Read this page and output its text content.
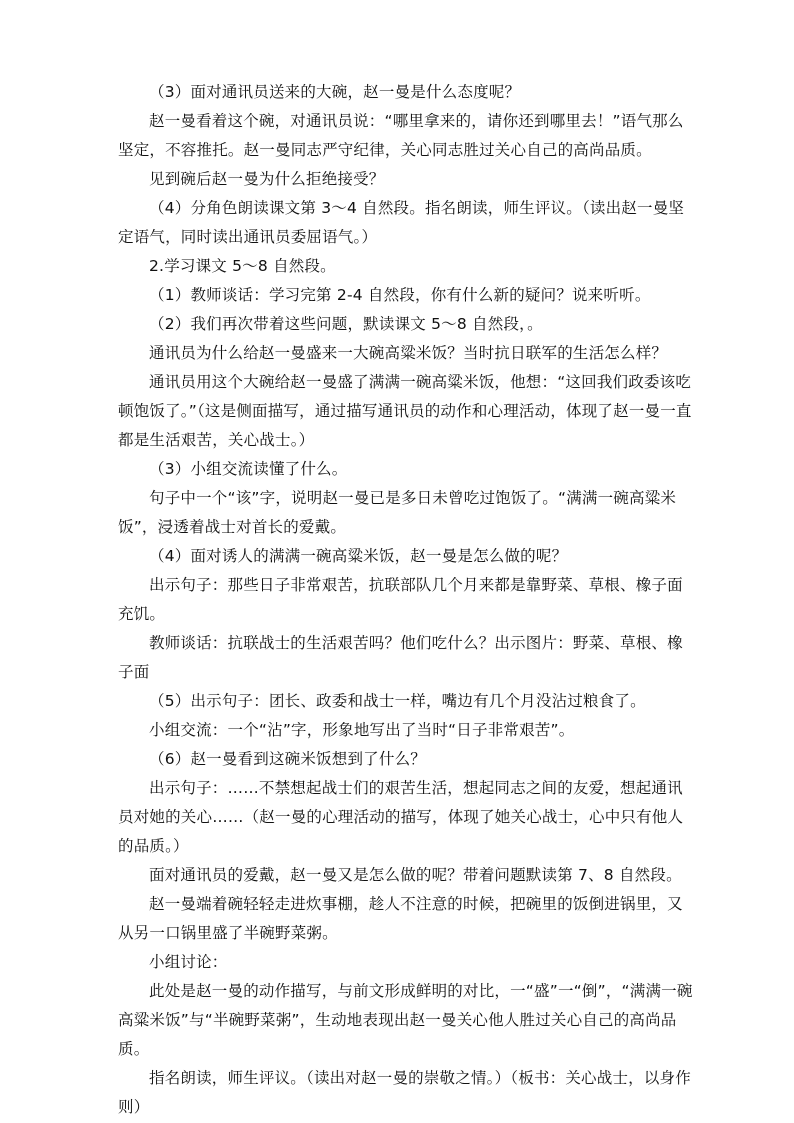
（3）面对通讯员送来的大碗，赵一曼是什么态度呢？

赵一曼看着这个碗，对通讯员说：“哪里拿来的，请你还到哪里去！”语气那么坚定，不容推托。赵一曼同志严守纪律，关心同志胜过关心自己的高尚品质。

见到碗后赵一曼为什么拒绝接受？

（4）分角色朗读课文第 3～4 自然段。指名朗读，师生评议。（读出赵一曼坚定语气，同时读出通讯员委屈语气。）

2.学习课文 5～8 自然段。

（1）教师谈话：学习完第 2-4 自然段，你有什么新的疑问？说来听听。

（2）我们再次带着这些问题，默读课文 5～8 自然段，。

通讯员为什么给赵一曼盛来一大碗高粱米饭？当时抗日联军的生活怎么样？

通讯员用这个大碗给赵一曼盛了满满一碗高粱米饭，他想：“这回我们政委该吃顿饱饭了。”（这是侧面描写，通过描写通讯员的动作和心理活动，体现了赵一曼一直都是生活艰苦，关心战士。）

（3）小组交流读懂了什么。

句子中一个“该”字，说明赵一曼已是多日未曾吃过饱饭了。“满满一碗高粱米饭”，浸透着战士对首长的爱戴。

（4）面对诱人的满满一碗高粱米饭，赵一曼是怎么做的呢？

出示句子：那些日子非常艰苦，抗联部队几个月来都是靠野菜、草根、橡子面充饥。

教师谈话：抗联战士的生活艰苦吗？他们吃什么？出示图片：野菜、草根、橡子面

（5）出示句子：团长、政委和战士一样，嘴边有几个月没沾过粮食了。

小组交流：一个“沾”字，形象地写出了当时“日子非常艰苦”。

（6）赵一曼看到这碗米饭想到了什么？

出示句子：……不禁想起战士们的艰苦生活，想起同志之间的友爱，想起通讯员对她的关心……（赵一曼的心理活动的描写，体现了她关心战士，心中只有他人的品质。）

面对通讯员的爱戴，赵一曼又是怎么做的呢？带着问题默读第 7、8 自然段。

赵一曼端着碗轻轻走进炊事棚，趁人不注意的时候，把碗里的饭倒进锅里，又从另一口锅里盛了半碗野菜粥。

小组讨论：

此处是赵一曼的动作描写，与前文形成鲜明的对比，一“盛”一“倒”，“满满一碗高粱米饭”与“半碗野菜粥”，生动地表现出赵一曼关心他人胜过关心自己的高尚品质。

指名朗读，师生评议。（读出对赵一曼的崇敬之情。）（板书：关心战士，以身作则）
